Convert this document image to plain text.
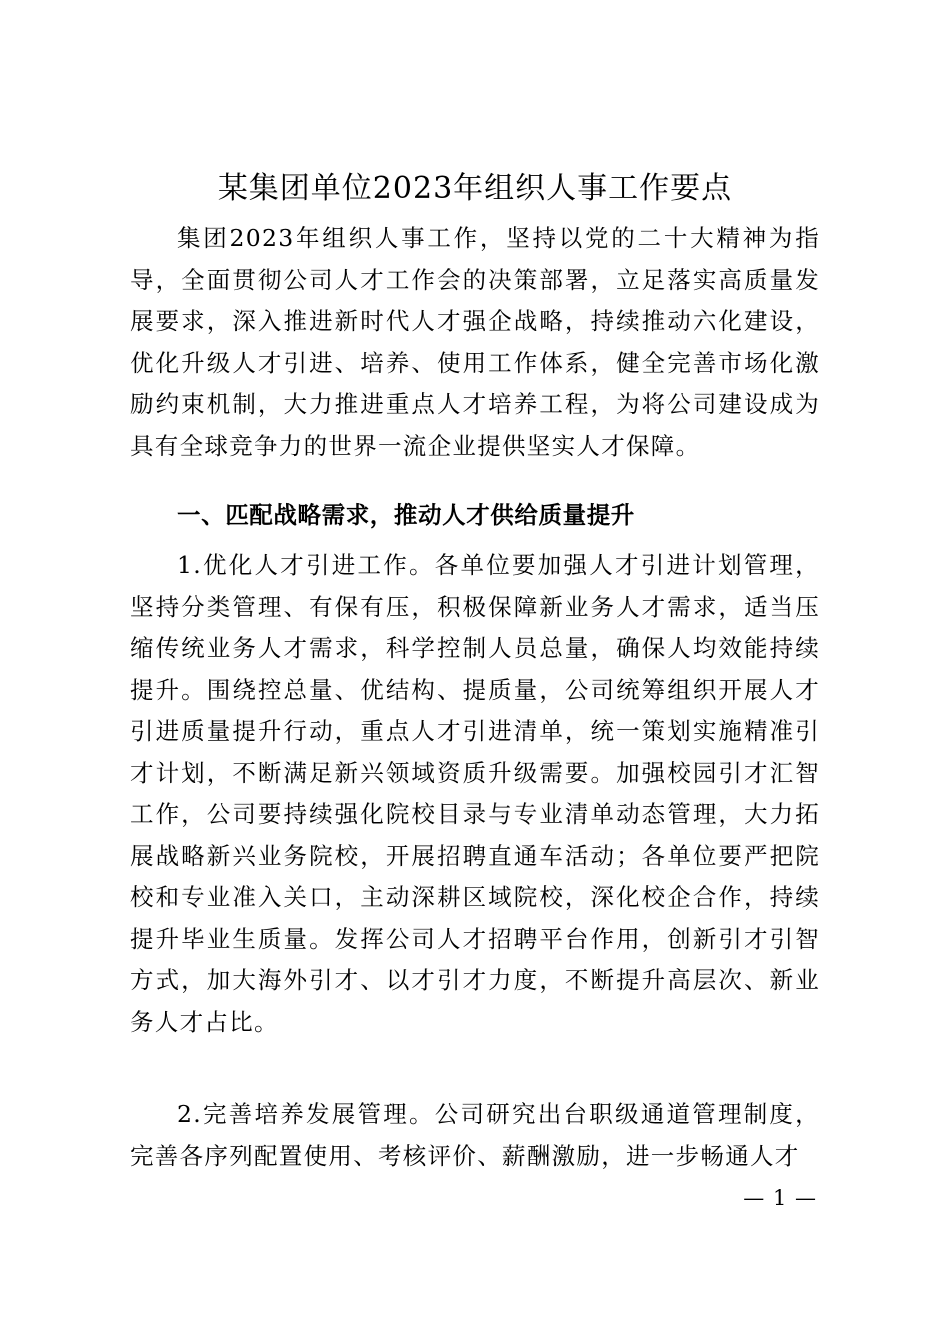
某集团单位2023年组织人事工作要点

集团2023年组织人事工作，坚持以党的二十大精神为指导，全面贯彻公司人才工作会的决策部署，立足落实高质量发展要求，深入推进新时代人才强企战略，持续推动六化建设，优化升级人才引进、培养、使用工作体系，健全完善市场化激励约束机制，大力推进重点人才培养工程，为将公司建设成为具有全球竞争力的世界一流企业提供坚实人才保障。

一、匹配战略需求，推动人才供给质量提升

1.优化人才引进工作。各单位要加强人才引进计划管理，坚持分类管理、有保有压，积极保障新业务人才需求，适当压缩传统业务人才需求，科学控制人员总量，确保人均效能持续提升。围绕控总量、优结构、提质量，公司统筹组织开展人才引进质量提升行动，重点人才引进清单，统一策划实施精准引才计划，不断满足新兴领域资质升级需要。加强校园引才汇智工作，公司要持续强化院校目录与专业清单动态管理，大力拓展战略新兴业务院校，开展招聘直通车活动；各单位要严把院校和专业准入关口，主动深耕区域院校，深化校企合作，持续提升毕业生质量。发挥公司人才招聘平台作用，创新引才引智方式，加大海外引才、以才引才力度，不断提升高层次、新业务人才占比。

2.完善培养发展管理。公司研究出台职级通道管理制度，完善各序列配置使用、考核评价、薪酬激励，进一步畅通人才

— 1 —
